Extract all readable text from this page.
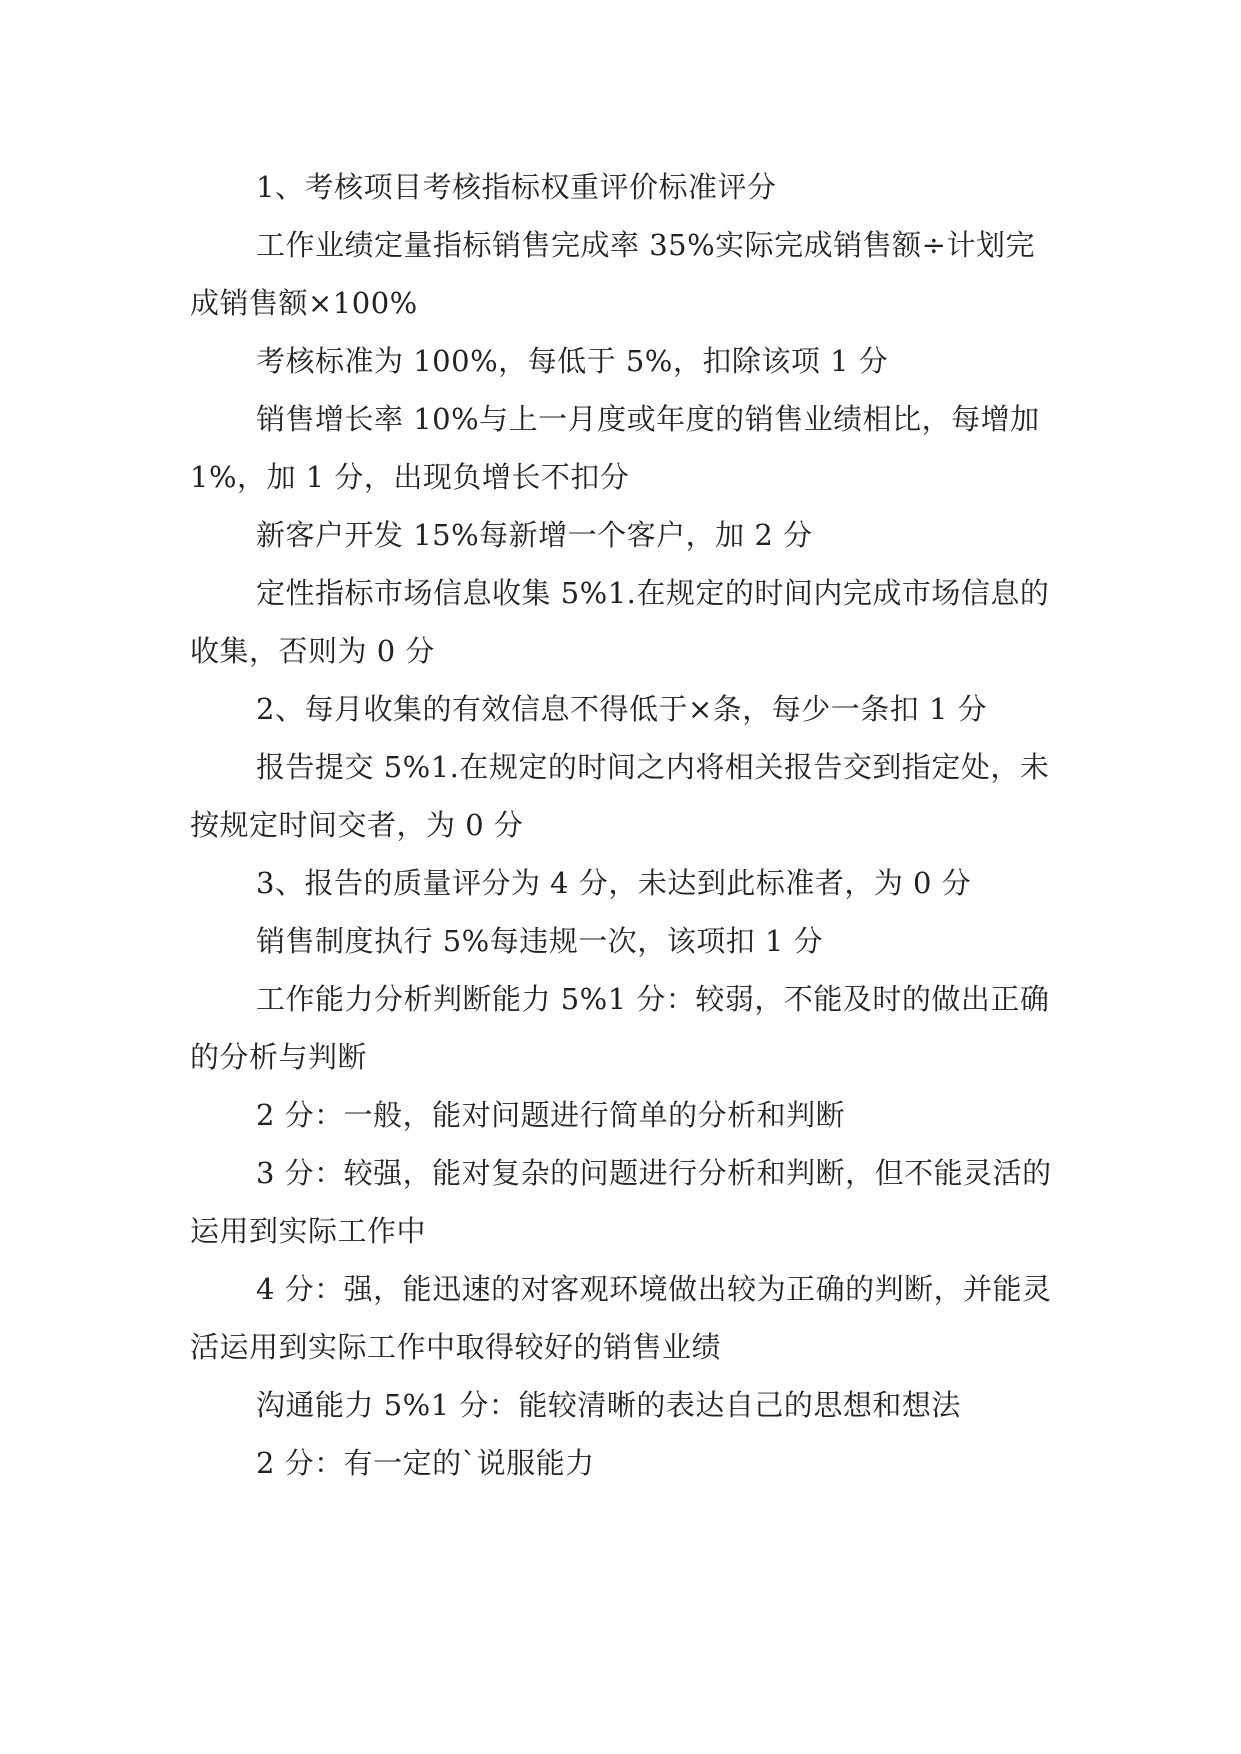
1、考核项目考核指标权重评价标准评分

工作业绩定量指标销售完成率 35%实际完成销售额÷计划完成销售额×100%

考核标准为 100%，每低于 5%，扣除该项 1 分

销售增长率 10%与上一月度或年度的销售业绩相比，每增加 1%，加 1 分，出现负增长不扣分

新客户开发 15%每新增一个客户，加 2 分

定性指标市场信息收集 5%1.在规定的时间内完成市场信息的收集，否则为 0 分

2、每月收集的有效信息不得低于×条，每少一条扣 1 分

报告提交 5%1.在规定的时间之内将相关报告交到指定处，未按规定时间交者，为 0 分

3、报告的质量评分为 4 分，未达到此标准者，为 0 分

销售制度执行 5%每违规一次，该项扣 1 分

工作能力分析判断能力 5%1 分：较弱，不能及时的做出正确的分析与判断

2 分：一般，能对问题进行简单的分析和判断

3 分：较强，能对复杂的问题进行分析和判断，但不能灵活的运用到实际工作中

4 分：强，能迅速的对客观环境做出较为正确的判断，并能灵活运用到实际工作中取得较好的销售业绩

沟通能力 5%1 分：能较清晰的表达自己的思想和想法

2 分：有一定的`说服能力
